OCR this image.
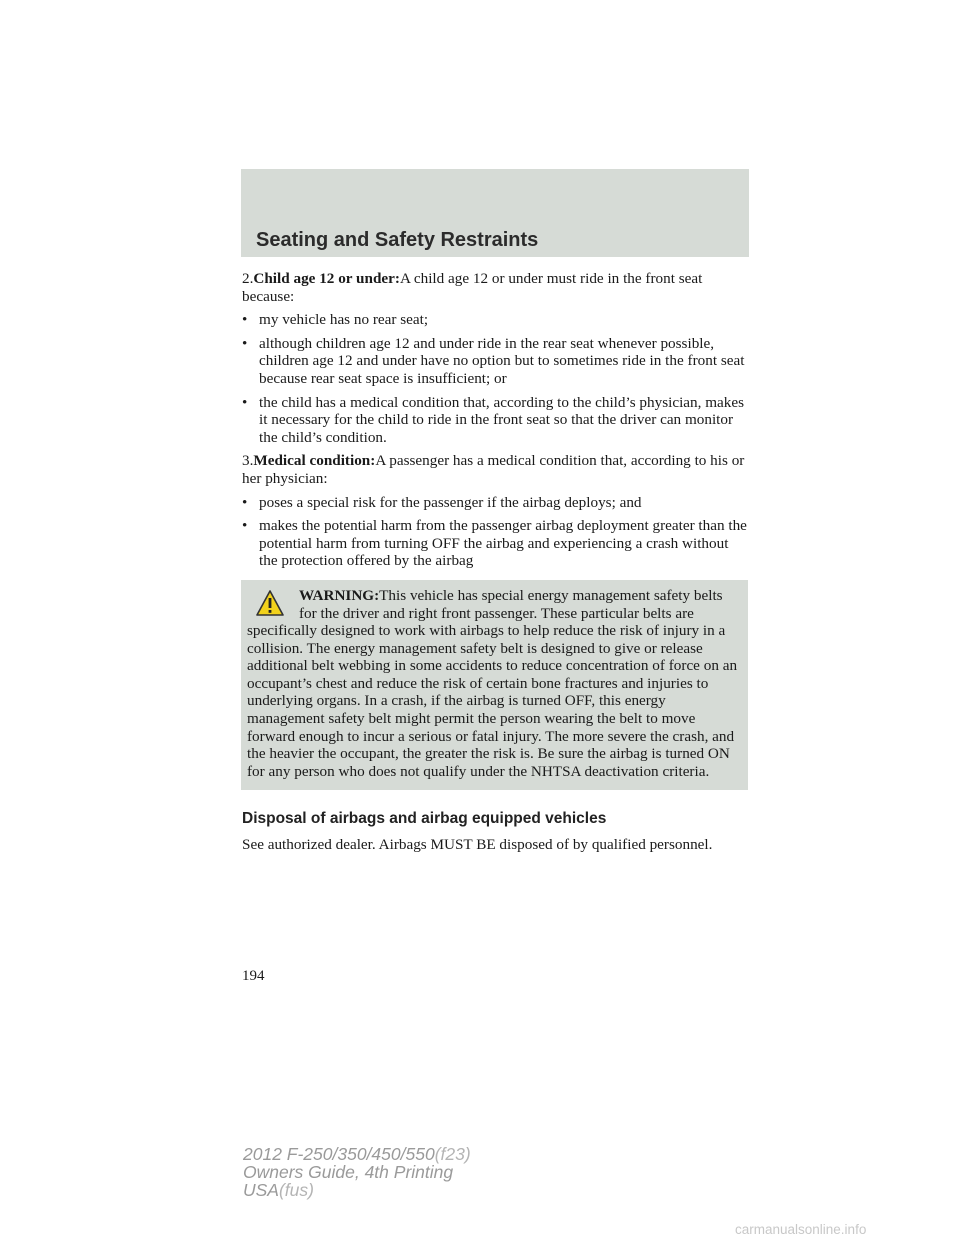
Seating and Safety Restraints

2.Child age 12 or under:A child age 12 or under must ride in the front seat because:

• my vehicle has no rear seat;

• although children age 12 and under ride in the rear seat whenever possible, children age 12 and under have no option but to sometimes ride in the front seat because rear seat space is insufficient; or

• the child has a medical condition that, according to the child’s physician, makes it necessary for the child to ride in the front seat so that the driver can monitor the child’s condition.

3.Medical condition:A passenger has a medical condition that, according to his or her physician:

• poses a special risk for the passenger if the airbag deploys; and

• makes the potential harm from the passenger airbag deployment greater than the potential harm from turning OFF the airbag and experiencing a crash without the protection offered by the airbag

WARNING:This vehicle has special energy management safety belts for the driver and right front passenger. These particular belts are specifically designed to work with airbags to help reduce the risk of injury in a collision. The energy management safety belt is designed to give or release additional belt webbing in some accidents to reduce concentration of force on an occupant’s chest and reduce the risk of certain bone fractures and injuries to underlying organs. In a crash, if the airbag is turned OFF, this energy management safety belt might permit the person wearing the belt to move forward enough to incur a serious or fatal injury. The more severe the crash, and the heavier the occupant, the greater the risk is. Be sure the airbag is turned ON for any person who does not qualify under the NHTSA deactivation criteria.

Disposal of airbags and airbag equipped vehicles

See authorized dealer. Airbags MUST BE disposed of by qualified personnel.

194
2012 F-250/350/450/550(f23)
Owners Guide, 4th Printing
USA(fus)
carmanualsonline.info
